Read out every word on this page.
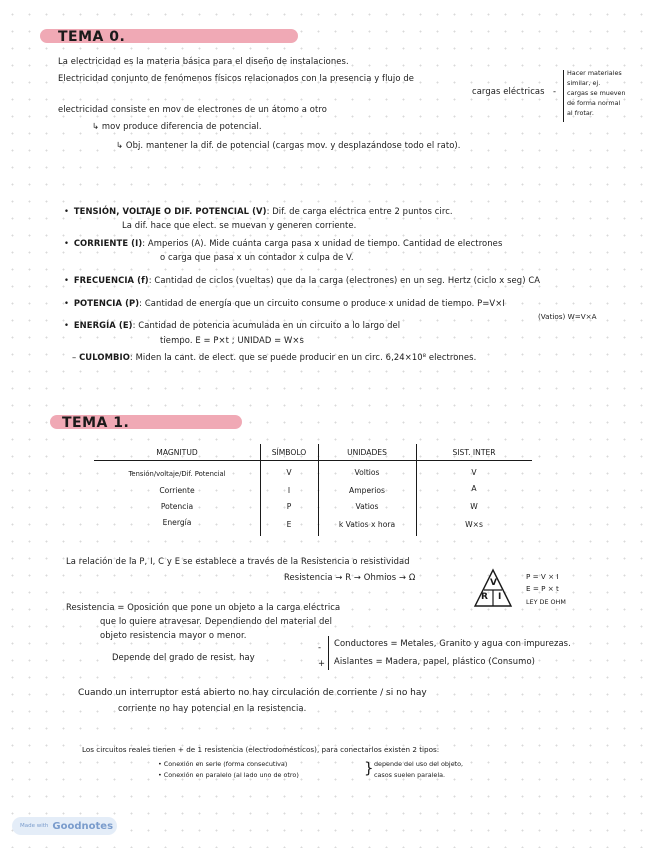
TEMA 0.
La electricidad es la materia básica para el diseño de instalaciones.
Electricidad conjunto de fenómenos físicos relacionados con la presencia y flujo de
cargas eléctricas -
Hacer materiales
similar, ej.
cargas se mueven
de forma normal
al frotar.
electricidad consiste en mov de electrones de un átomo a otro
↳ mov produce diferencia de potencial.
↳ Obj. mantener la dif. de potencial (cargas mov. y desplazándose todo el rato).
• TENSIÓN, VOLTAJE O DIF. POTENCIAL (V): Dif. de carga eléctrica entre 2 puntos circ.
La dif. hace que elect. se muevan y generen corriente.
• CORRIENTE (I): Amperios (A). Mide cuánta carga pasa x unidad de tiempo. Cantidad de electrones
o carga que pasa x un contador x culpa de V.
• FRECUENCIA (f): Cantidad de ciclos (vueltas) que da la carga (electrones) en un seg. Hertz (ciclo x seg) CA
• POTENCIA (P): Cantidad de energía que un circuito consume o produce x unidad de tiempo. P=V×I
(Vatios) W=V×A
• ENERGÍA (E): Cantidad de potencia acumulada en un circuito a lo largo del
tiempo. E = P×t ; UNIDAD = W×s
– CULOMBIO: Miden la cant. de elect. que se puede producir en un circ. 6,24×10⁸ electrones.
TEMA 1.
MAGNITUD	SÍMBOLO	UNIDADES	SIST. INTER
Tensión/voltaje/Dif. Potencial	V	Voltios	V
Corriente	I	Amperios	A
Potencia	P	Vatios	W
Energía	E	k Vatios x hora	W×s
La relación de la P, I, C y E se establece a través de la Resistencia o resistividad
Resistencia → R → Ohmios → Ω
V
R I
P = V × I
E = P × t
LEY DE OHM
Resistencia = Oposición que pone un objeto a la carga eléctrica
que lo quiere atravesar. Dependiendo del material del
objeto resistencia mayor o menor.
Depende del grado de resist. hay
-
+
Conductores = Metales, Granito y agua con impurezas.
Aislantes = Madera, papel, plástico (Consumo)
Cuando un interruptor está abierto no hay circulación de corriente / si no hay
corriente no hay potencial en la resistencia.
Los circuitos reales tienen + de 1 resistencia (electrodomésticos), para conectarlos existen 2 tipos:
• Conexión en serie (forma consecutiva)
• Conexión en paralelo (al lado uno de otro)	} depende del uso del objeto,
casos suelen paralela.
Made with Goodnotes
